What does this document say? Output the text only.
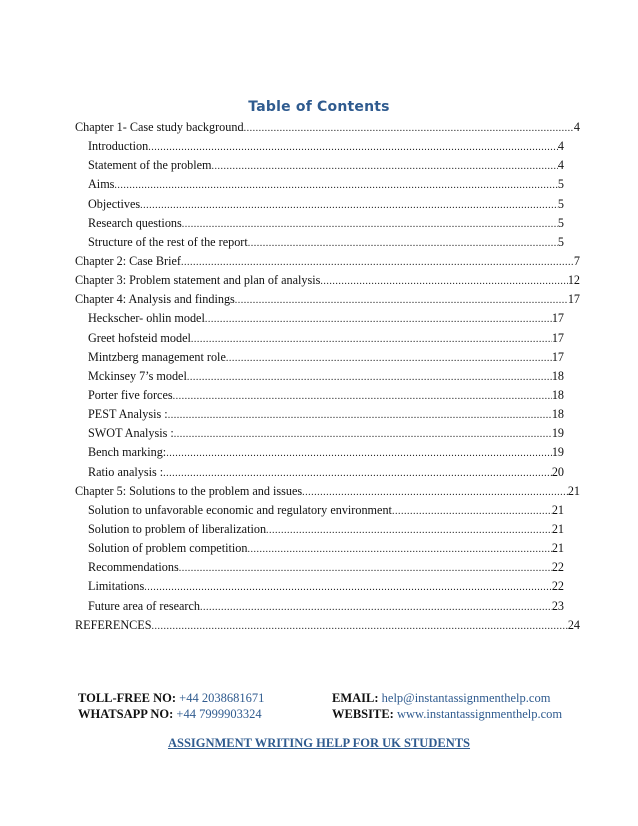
Table of Contents
Chapter 1- Case study background .....	4
Introduction .....	4
Statement of the problem .....	4
Aims .....	5
Objectives .....	5
Research questions .....	5
Structure of the rest of the report .....	5
Chapter 2: Case Brief .....	7
Chapter 3: Problem statement and plan of analysis .....	12
Chapter 4: Analysis and findings .....	17
Heckscher- ohlin model .....	17
Greet hofsteid model .....	17
Mintzberg management role .....	17
Mckinsey 7’s model .....	18
Porter five forces .....	18
PEST Analysis : .....	18
SWOT Analysis : .....	19
Bench marking: .....	19
Ratio analysis : .....	20
Chapter 5: Solutions to the problem and issues .....	21
Solution to unfavorable economic and regulatory environment .....	21
Solution to problem of liberalization .....	21
Solution of problem competition .....	21
Recommendations .....	22
Limitations .....	22
Future area of research .....	23
REFERENCES .....	24
TOLL-FREE NO: +44 2038681671	EMAIL: help@instantassignmenthelp.com
WHATSAPP NO: +44 7999903324	WEBSITE: www.instantassignmenthelp.com
ASSIGNMENT WRITING HELP FOR UK STUDENTS
